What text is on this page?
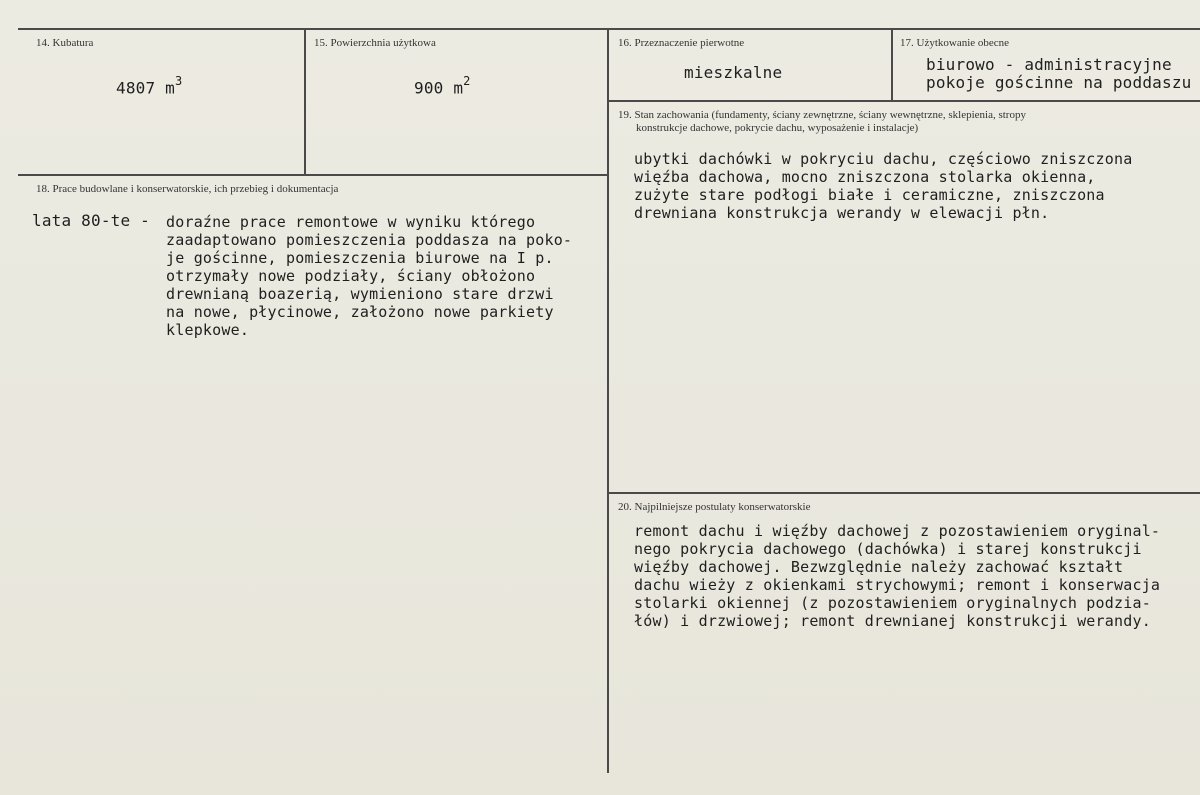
14. Kubatura
4807 $m^3$
15. Powierzchnia użytkowa
900 $m^2$
16. Przeznaczenie pierwotne
mieszkalne
17. Użytkowanie obecne
biurowo - administracyjne
pokoje gościnne na poddaszu
19. Stan zachowania (fundamenty, ściany zewnętrzne, ściany wewnętrzne, sklepienia, stropy
konstrukcje dachowe, pokrycie dachu, wyposażenie i instalacje)
ubytki dachówki w pokryciu dachu, częściowo zniszczona
więźba dachowa, mocno zniszczona stolarka okienna,
zużyte stare podłogi białe i ceramiczne, zniszczona
drewniana konstrukcja werandy w elewacji płn.
18. Prace budowlane i konserwatorskie, ich przebieg i dokumentacja
lata 80-te - doraźne prace remontowe w wyniku którego
zaadaptowano pomieszczenia poddasza na poko-
je gościnne, pomieszczenia biurowe na I p.
otrzymały nowe podziały, ściany obłożono
drewnianą boazerią, wymieniono stare drzwi
na nowe, płycinowe, założono nowe parkiety
klepkowe.
20. Najpilniejsze postulaty konserwatorskie
remont dachu i więźby dachowej z pozostawieniem oryginal-
nego pokrycia dachowego (dachówka) i starej konstrukcji
więźby dachowej. Bezwzględnie należy zachować kształt
dachu wieży z okienkami strychowymi; remont i konserwacja
stolarki okiennej (z pozostawieniem oryginalnych podzia-
łów) i drzwiowej; remont drewnianej konstrukcji werandy.
